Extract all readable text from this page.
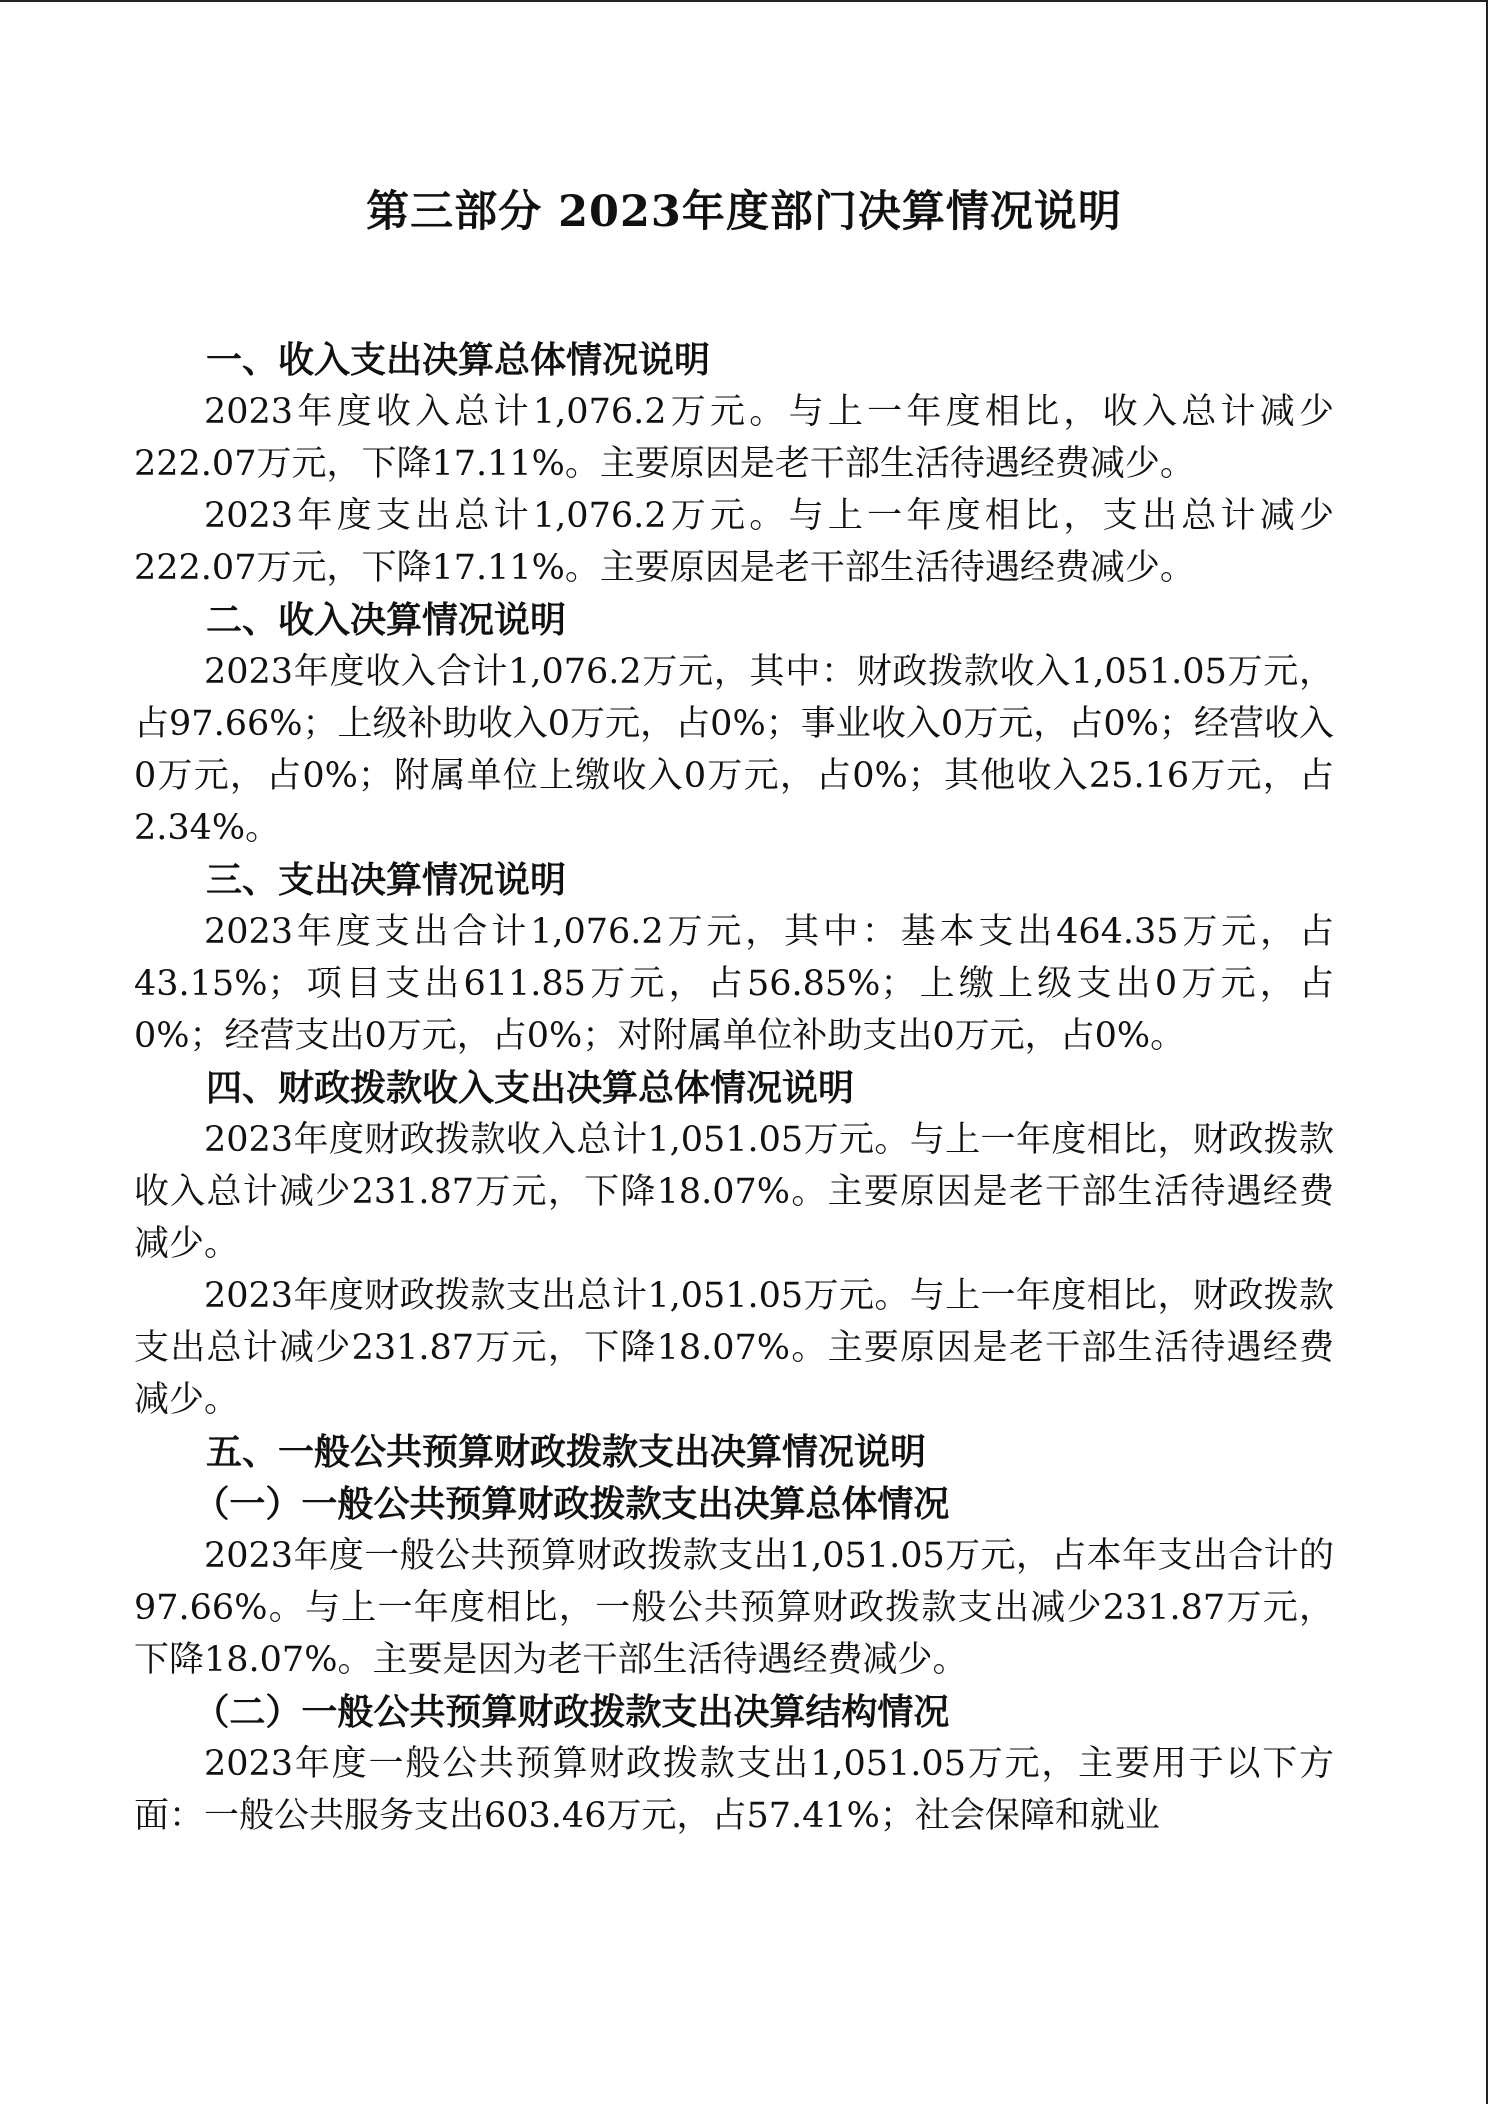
第三部分 2023年度部门决算情况说明
一、收入支出决算总体情况说明

2023年度收入总计1,076.2万元。与上一年度相比，收入总计减少222.07万元，下降17.11%。主要原因是老干部生活待遇经费减少。

2023年度支出总计1,076.2万元。与上一年度相比，支出总计减少222.07万元，下降17.11%。主要原因是老干部生活待遇经费减少。

二、收入决算情况说明

2023年度收入合计1,076.2万元，其中：财政拨款收入1,051.05万元，占97.66%；上级补助收入0万元，占0%；事业收入0万元，占0%；经营收入0万元，占0%；附属单位上缴收入0万元，占0%；其他收入25.16万元，占2.34%。

三、支出决算情况说明

2023年度支出合计1,076.2万元，其中：基本支出464.35万元，占43.15%；项目支出611.85万元，占56.85%；上缴上级支出0万元，占0%；经营支出0万元，占0%；对附属单位补助支出0万元，占0%。

四、财政拨款收入支出决算总体情况说明

2023年度财政拨款收入总计1,051.05万元。与上一年度相比，财政拨款收入总计减少231.87万元，下降18.07%。主要原因是老干部生活待遇经费减少。

2023年度财政拨款支出总计1,051.05万元。与上一年度相比，财政拨款支出总计减少231.87万元，下降18.07%。主要原因是老干部生活待遇经费减少。

五、一般公共预算财政拨款支出决算情况说明
（一）一般公共预算财政拨款支出决算总体情况

2023年度一般公共预算财政拨款支出1,051.05万元，占本年支出合计的97.66%。与上一年度相比，一般公共预算财政拨款支出减少231.87万元，下降18.07%。主要是因为老干部生活待遇经费减少。

（二）一般公共预算财政拨款支出决算结构情况

2023年度一般公共预算财政拨款支出1,051.05万元，主要用于以下方面：一般公共服务支出603.46万元，占57.41%；社会保障和就业
